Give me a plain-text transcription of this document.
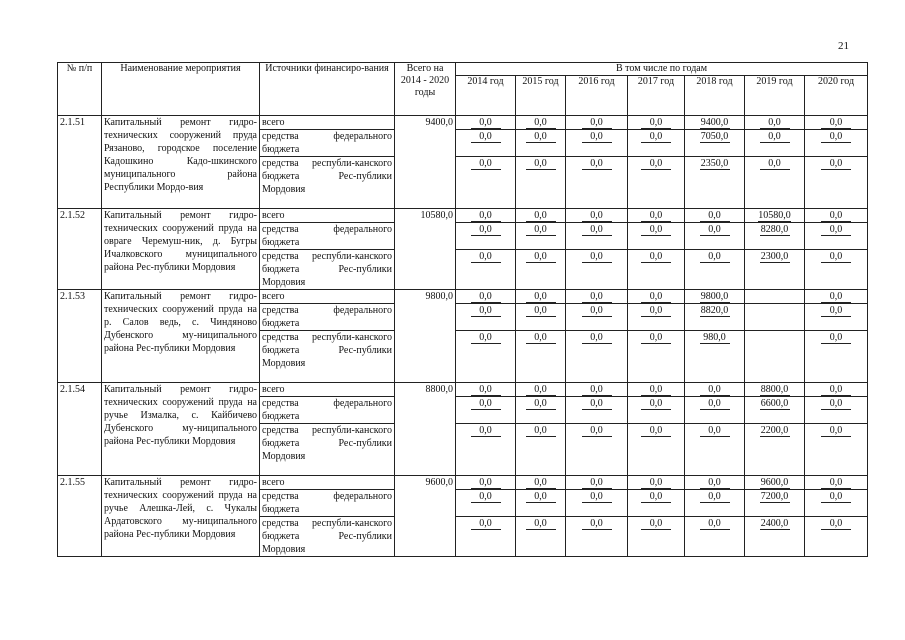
21
№ п/п	Наименование мероприятия	Источники финансиро-вания	Всего на 2014 - 2020 годы	В том числе по годам						
				2014 год	2015 год	2016 год	2017 год	2018 год	2019 год	2020 год
2.1.51	Капитальный ремонт гидро-технических сооружений пруда Рязаново, городское поселение Кадошкино Кадо-шкинского муниципального района Республики Мордо-вия	всего	9400,0	0,0	0,0	0,0	0,0	9400,0	0,0	0,0
		средства федерального бюджета		0,0	0,0	0,0	0,0	7050,0	0,0	0,0
		средства республи-канского бюджета Рес-публики Мордовия		0,0	0,0	0,0	0,0	2350,0	0,0	0,0
2.1.52	Капитальный ремонт гидро-технических сооружений пруда на овраге Черемуш-ник, д. Бугры Ичалковского муниципального района Рес-публики Мордовия	всего	10580,0	0,0	0,0	0,0	0,0	0,0	10580,0	0,0
		средства федерального бюджета		0,0	0,0	0,0	0,0	0,0	8280,0	0,0
		средства республи-канского бюджета Рес-публики Мордовия		0,0	0,0	0,0	0,0	0,0	2300,0	0,0
2.1.53	Капитальный ремонт гидро-технических сооружений пруда на р. Салов ведь, с. Чиндяново Дубенского му-ниципального района Рес-публики Мордовия	всего	9800,0	0,0	0,0	0,0	0,0	9800,0		0,0
		средства федерального бюджета		0,0	0,0	0,0	0,0	8820,0		0,0
		средства республи-канского бюджета Рес-публики Мордовия		0,0	0,0	0,0	0,0	980,0		0,0
2.1.54	Капитальный ремонт гидро-технических сооружений пруда на ручье Измалка, с. Кайбичево Дубенского му-ниципального района Рес-публики Мордовия	всего	8800,0	0,0	0,0	0,0	0,0	0,0	8800,0	0,0
		средства федерального бюджета		0,0	0,0	0,0	0,0	0,0	6600,0	0,0
		средства республи-канского бюджета Рес-публики Мордовия		0,0	0,0	0,0	0,0	0,0	2200,0	0,0
2.1.55	Капитальный ремонт гидро-технических сооружений пруда на ручье Алешка-Лей, с. Чукалы Ардатовского му-ниципального района Рес-публики Мордовия	всего	9600,0	0,0	0,0	0,0	0,0	0,0	9600,0	0,0
		средства федерального бюджета		0,0	0,0	0,0	0,0	0,0	7200,0	0,0
		средства республи-канского бюджета Рес-публики Мордовия		0,0	0,0	0,0	0,0	0,0	2400,0	0,0
